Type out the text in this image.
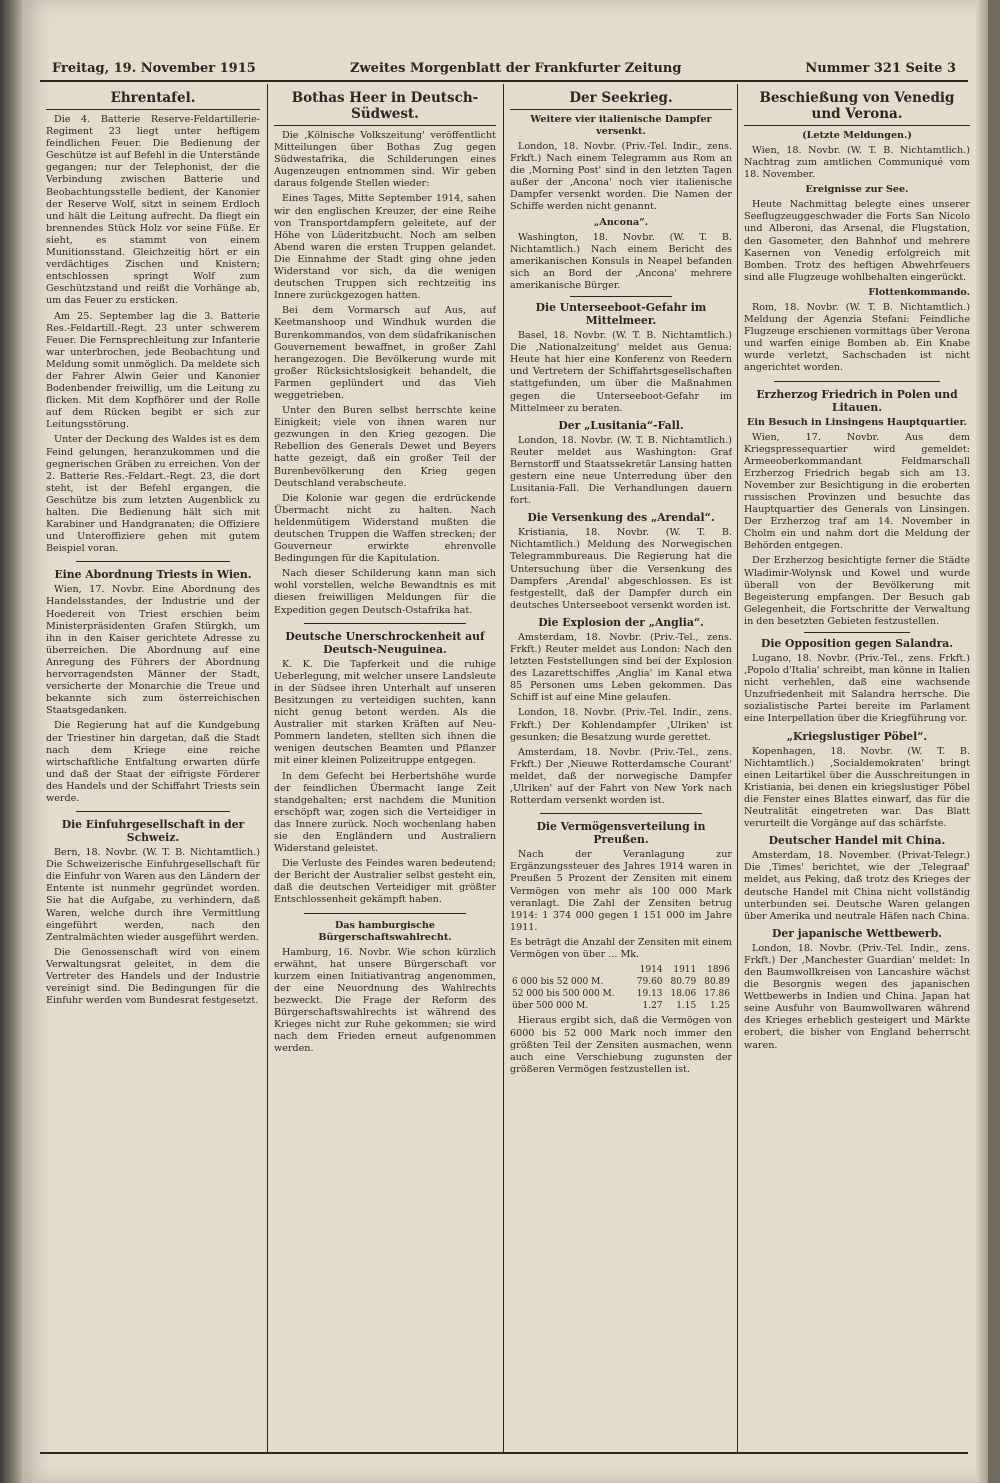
Freitag, 19. November 1915	Zweites Morgenblatt der Frankfurter Zeitung	Nummer 321 Seite 3
Ehrentafel.

Die 4. Batterie Reserve-Feldartillerie-Regiment 23 liegt unter heftigem feindlichen Feuer. Die Bedienung der Geschütze ist auf Befehl in die Unterstände gegangen; nur der Telephonist, der die Verbindung zwischen Batterie und Beobachtungsstelle bedient, der Kanonier der Reserve Wolf, sitzt in seinem Erdloch und hält die Leitung aufrecht. Da fliegt ein brennendes Stück Holz vor seine Füße. Er sieht, es stammt von einem Munitionsstand. Gleichzeitig hört er ein verdächtiges Zischen und Knistern; entschlossen springt Wolf zum Geschützstand und reißt die Vorhänge ab, um das Feuer zu ersticken.

Am 25. September lag die 3. Batterie Res.-Feldartill.-Regt. 23 unter schwerem Feuer. Die Fernsprechleitung zur Infanterie war unterbrochen, jede Beobachtung und Meldung somit unmöglich. Da meldete sich der Fahrer Alwin Geier und Kanonier Bodenbender freiwillig, um die Leitung zu flicken. Mit dem Kopfhörer und der Rolle auf dem Rücken begibt er sich zur Leitungsstörung.

Unter der Deckung des Waldes ist es dem Feind gelungen, heranzukommen und die gegnerischen Gräben zu erreichen. Von der 2. Batterie Res.-Feldart.-Regt. 23, die dort steht, ist der Befehl ergangen, die Geschütze bis zum letzten Augenblick zu halten. Die Bedienung hält sich mit Karabiner und Handgranaten; die Offiziere und Unteroffiziere gehen mit gutem Beispiel voran.

Eine Abordnung Triests in Wien.

Wien, 17. Novbr. Eine Abordnung des Handelsstandes, der Industrie und der Hoedereit von Triest erschien beim Ministerpräsidenten Grafen Stürgkh, um ihn in den Kaiser gerichtete Adresse zu überreichen. Die Abordnung auf eine Anregung des Führers der Abordnung hervorragendsten Männer der Stadt, versicherte der Monarchie die Treue und bekannte sich zum österreichischen Staatsgedanken.

Die Regierung hat auf die Kundgebung der Triestiner hin dargetan, daß die Stadt nach dem Kriege eine reiche wirtschaftliche Entfaltung erwarten dürfe und daß der Staat der eifrigste Förderer des Handels und der Schiffahrt Triests sein werde.

Die Einfuhrgesellschaft in der Schweiz.

Bern, 18. Novbr. (W. T. B. Nichtamtlich.) Die Schweizerische Einfuhrgesellschaft für die Einfuhr von Waren aus den Ländern der Entente ist nunmehr gegründet worden. Sie hat die Aufgabe, zu verhindern, daß Waren, welche durch ihre Vermittlung eingeführt werden, nach den Zentralmächten wieder ausgeführt werden.

Die Genossenschaft wird von einem Verwaltungsrat geleitet, in dem die Vertreter des Handels und der Industrie vereinigt sind. Die Bedingungen für die Einfuhr werden vom Bundesrat festgesetzt.

Bothas Heer in Deutsch-Südwest.

Die ‚Kölnische Volkszeitung' veröffentlicht Mitteilungen über Bothas Zug gegen Südwestafrika, die Schilderungen eines Augenzeugen entnommen sind. Wir geben daraus folgende Stellen wieder:

Eines Tages, Mitte September 1914, sahen wir den englischen Kreuzer, der eine Reihe von Transportdampfern geleitete, auf der Höhe von Lüderitzbucht. Noch am selben Abend waren die ersten Truppen gelandet. Die Einnahme der Stadt ging ohne jeden Widerstand vor sich, da die wenigen deutschen Truppen sich rechtzeitig ins Innere zurückgezogen hatten.

Bei dem Vormarsch auf Aus, auf Keetmanshoop und Windhuk wurden die Burenkommandos, von dem südafrikanischen Gouvernement bewaffnet, in großer Zahl herangezogen. Die Bevölkerung wurde mit großer Rücksichtslosigkeit behandelt, die Farmen geplündert und das Vieh weggetrieben.

Unter den Buren selbst herrschte keine Einigkeit; viele von ihnen waren nur gezwungen in den Krieg gezogen. Die Rebellion des Generals Dewet und Beyers hatte gezeigt, daß ein großer Teil der Burenbevölkerung den Krieg gegen Deutschland verabscheute.

Die Kolonie war gegen die erdrückende Übermacht nicht zu halten. Nach heldenmütigem Widerstand mußten die deutschen Truppen die Waffen strecken; der Gouverneur erwirkte ehrenvolle Bedingungen für die Kapitulation.

Nach dieser Schilderung kann man sich wohl vorstellen, welche Bewandtnis es mit diesen freiwilligen Meldungen für die Expedition gegen Deutsch-Ostafrika hat.

Deutsche Unerschrockenheit auf Deutsch-Neuguinea.

K. K. Die Tapferkeit und die ruhige Ueberlegung, mit welcher unsere Landsleute in der Südsee ihren Unterhalt auf unseren Besitzungen zu verteidigen suchten, kann nicht genug betont werden. Als die Australier mit starken Kräften auf Neu-Pommern landeten, stellten sich ihnen die wenigen deutschen Beamten und Pflanzer mit einer kleinen Polizeitruppe entgegen.

In dem Gefecht bei Herbertshöhe wurde der feindlichen Übermacht lange Zeit standgehalten; erst nachdem die Munition erschöpft war, zogen sich die Verteidiger in das Innere zurück. Noch wochenlang haben sie den Engländern und Australiern Widerstand geleistet.

Die Verluste des Feindes waren bedeutend; der Bericht der Australier selbst gesteht ein, daß die deutschen Verteidiger mit größter Entschlossenheit gekämpft haben.

Das hamburgische Bürgerschaftswahlrecht.

Hamburg, 16. Novbr. Wie schon kürzlich erwähnt, hat unsere Bürgerschaft vor kurzem einen Initiativantrag angenommen, der eine Neuordnung des Wahlrechts bezweckt. Die Frage der Reform des Bürgerschaftswahlrechts ist während des Krieges nicht zur Ruhe gekommen; sie wird nach dem Frieden erneut aufgenommen werden.

Der Seekrieg.
Weitere vier italienische Dampfer versenkt.

London, 18. Novbr. (Priv.-Tel. Indir., zens. Frkft.) Nach einem Telegramm aus Rom an die ‚Morning Post' sind in den letzten Tagen außer der ‚Ancona' noch vier italienische Dampfer versenkt worden. Die Namen der Schiffe werden nicht genannt.

„Ancona“.

Washington, 18. Novbr. (W. T. B. Nichtamtlich.) Nach einem Bericht des amerikanischen Konsuls in Neapel befanden sich an Bord der ‚Ancona' mehrere amerikanische Bürger.

Die Unterseeboot-Gefahr im Mittelmeer.

Basel, 18. Novbr. (W. T. B. Nichtamtlich.) Die ‚Nationalzeitung' meldet aus Genua: Heute hat hier eine Konferenz von Reedern und Vertretern der Schiffahrtsgesellschaften stattgefunden, um über die Maßnahmen gegen die Unterseeboot-Gefahr im Mittelmeer zu beraten.

Der „Lusitania“-Fall.

London, 18. Novbr. (W. T. B. Nichtamtlich.) Reuter meldet aus Washington: Graf Bernstorff und Staatssekretär Lansing hatten gestern eine neue Unterredung über den Lusitania-Fall. Die Verhandlungen dauern fort.

Die Versenkung des „Arendal“.

Kristiania, 18. Novbr. (W. T. B. Nichtamtlich.) Meldung des Norwegischen Telegrammbureaus. Die Regierung hat die Untersuchung über die Versenkung des Dampfers ‚Arendal' abgeschlossen. Es ist festgestellt, daß der Dampfer durch ein deutsches Unterseeboot versenkt worden ist.

Die Explosion der „Anglia“.

Amsterdam, 18. Novbr. (Priv.-Tel., zens. Frkft.) Reuter meldet aus London: Nach den letzten Feststellungen sind bei der Explosion des Lazarettschiffes ‚Anglia' im Kanal etwa 85 Personen ums Leben gekommen. Das Schiff ist auf eine Mine gelaufen.

London, 18. Novbr. (Priv.-Tel. Indir., zens. Frkft.) Der Kohlendampfer ‚Ulriken' ist gesunken; die Besatzung wurde gerettet.

Amsterdam, 18. Novbr. (Priv.-Tel., zens. Frkft.) Der ‚Nieuwe Rotterdamsche Courant' meldet, daß der norwegische Dampfer ‚Ulriken' auf der Fahrt von New York nach Rotterdam versenkt worden ist.

Die Vermögensverteilung in Preußen.

Nach der Veranlagung zur Ergänzungssteuer des Jahres 1914 waren in Preußen 5 Prozent der Zensiten mit einem Vermögen von mehr als 100 000 Mark veranlagt. Die Zahl der Zensiten betrug 1914: 1 374 000 gegen 1 151 000 im Jahre 1911.

Es beträgt die Anzahl der Zensiten mit einem Vermögen von über ... Mk.

	1914	1911	1896
6 000 bis 52 000 M.	79.60	80.79	80.89
52 000 bis 500 000 M.	19.13	18.06	17.86
über 500 000 M.	1.27	1.15	1.25

Hieraus ergibt sich, daß die Vermögen von 6000 bis 52 000 Mark noch immer den größten Teil der Zensiten ausmachen, wenn auch eine Verschiebung zugunsten der größeren Vermögen festzustellen ist.

Beschießung von Venedig und Verona.
(Letzte Meldungen.)

Wien, 18. Novbr. (W. T. B. Nichtamtlich.) Nachtrag zum amtlichen Communiqué vom 18. November.

Ereignisse zur See.

Heute Nachmittag belegte eines unserer Seeflugzeuggeschwader die Forts San Nicolo und Alberoni, das Arsenal, die Flugstation, den Gasometer, den Bahnhof und mehrere Kasernen von Venedig erfolgreich mit Bomben. Trotz des heftigen Abwehrfeuers sind alle Flugzeuge wohlbehalten eingerückt.

Flottenkommando.

Rom, 18. Novbr. (W. T. B. Nichtamtlich.) Meldung der Agenzia Stefani: Feindliche Flugzeuge erschienen vormittags über Verona und warfen einige Bomben ab. Ein Knabe wurde verletzt, Sachschaden ist nicht angerichtet worden.

Erzherzog Friedrich in Polen und Litauen.
Ein Besuch in Linsingens Hauptquartier.

Wien, 17. Novbr. Aus dem Kriegspressequartier wird gemeldet: Armeeoberkommandant Feldmarschall Erzherzog Friedrich begab sich am 13. November zur Besichtigung in die eroberten russischen Provinzen und besuchte das Hauptquartier des Generals von Linsingen. Der Erzherzog traf am 14. November in Cholm ein und nahm dort die Meldung der Behörden entgegen.

Der Erzherzog besichtigte ferner die Städte Wladimir-Wolynsk und Kowel und wurde überall von der Bevölkerung mit Begeisterung empfangen. Der Besuch gab Gelegenheit, die Fortschritte der Verwaltung in den besetzten Gebieten festzustellen.

Die Opposition gegen Salandra.

Lugano, 18. Novbr. (Priv.-Tel., zens. Frkft.) ‚Popolo d'Italia' schreibt, man könne in Italien nicht verhehlen, daß eine wachsende Unzufriedenheit mit Salandra herrsche. Die sozialistische Partei bereite im Parlament eine Interpellation über die Kriegführung vor.

„Kriegslustiger Pöbel“.

Kopenhagen, 18. Novbr. (W. T. B. Nichtamtlich.) ‚Socialdemokraten' bringt einen Leitartikel über die Ausschreitungen in Kristiania, bei denen ein kriegslustiger Pöbel die Fenster eines Blattes einwarf, das für die Neutralität eingetreten war. Das Blatt verurteilt die Vorgänge auf das schärfste.

Deutscher Handel mit China.

Amsterdam, 18. November. (Privat-Telegr.) Die ‚Times' berichtet, wie der ‚Telegraaf' meldet, aus Peking, daß trotz des Krieges der deutsche Handel mit China nicht vollständig unterbunden sei. Deutsche Waren gelangen über Amerika und neutrale Häfen nach China.

Der japanische Wettbewerb.

London, 18. Novbr. (Priv.-Tel. Indir., zens. Frkft.) Der ‚Manchester Guardian' meldet: In den Baumwollkreisen von Lancashire wächst die Besorgnis wegen des japanischen Wettbewerbs in Indien und China. Japan hat seine Ausfuhr von Baumwollwaren während des Krieges erheblich gesteigert und Märkte erobert, die bisher von England beherrscht waren.
